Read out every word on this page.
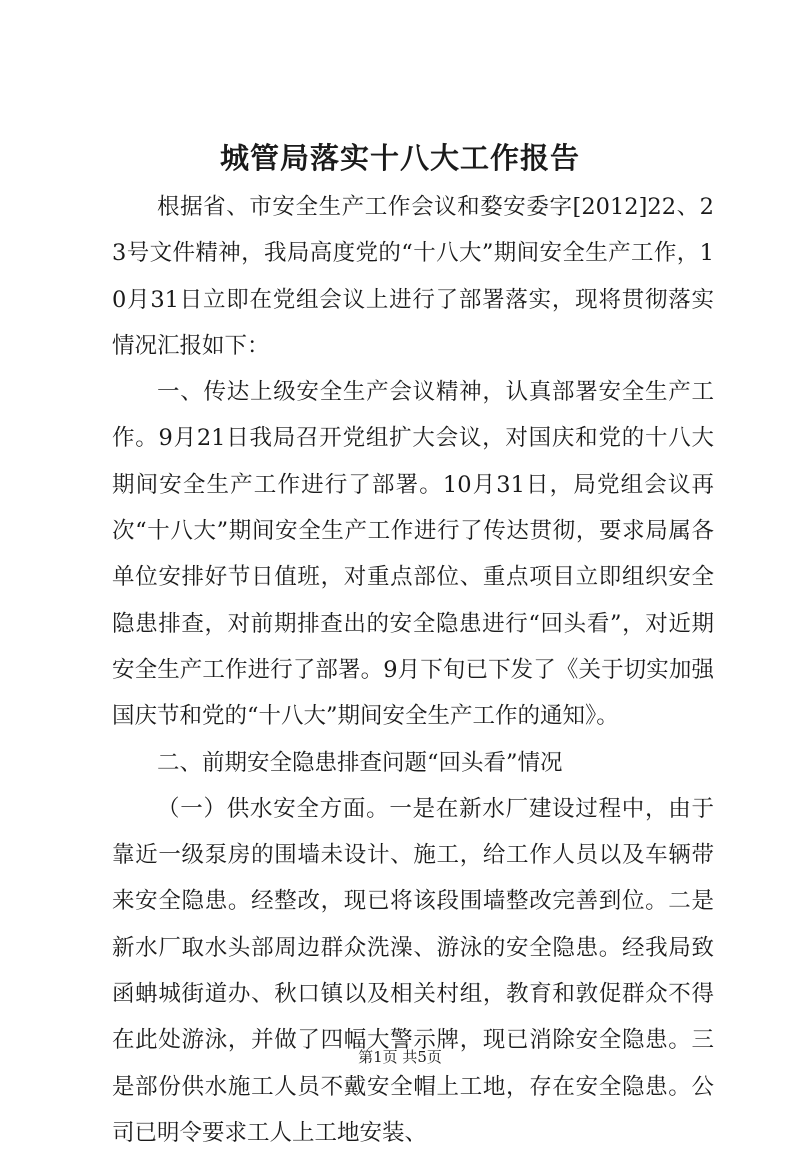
城管局落实十八大工作报告

根据省、市安全生产工作会议和婺安委字[2012]22、23号文件精神，我局高度党的“十八大”期间安全生产工作，10月31日立即在党组会议上进行了部署落实，现将贯彻落实情况汇报如下：

一、传达上级安全生产会议精神，认真部署安全生产工作。9月21日我局召开党组扩大会议，对国庆和党的十八大期间安全生产工作进行了部署。10月31日，局党组会议再次“十八大”期间安全生产工作进行了传达贯彻，要求局属各单位安排好节日值班，对重点部位、重点项目立即组织安全隐患排查，对前期排查出的安全隐患进行“回头看”，对近期安全生产工作进行了部署。9月下旬已下发了《关于切实加强国庆节和党的“十八大”期间安全生产工作的通知》。

二、前期安全隐患排查问题“回头看”情况

（一）供水安全方面。一是在新水厂建设过程中，由于靠近一级泵房的围墙未设计、施工，给工作人员以及车辆带来安全隐患。经整改，现已将该段围墙整改完善到位。二是新水厂取水头部周边群众洗澡、游泳的安全隐患。经我局致函蚺城街道办、秋口镇以及相关村组，教育和敦促群众不得在此处游泳，并做了四幅大警示牌，现已消除安全隐患。三是部份供水施工人员不戴安全帽上工地，存在安全隐患。公司已明令要求工人上工地安装、

第1页 共5页
